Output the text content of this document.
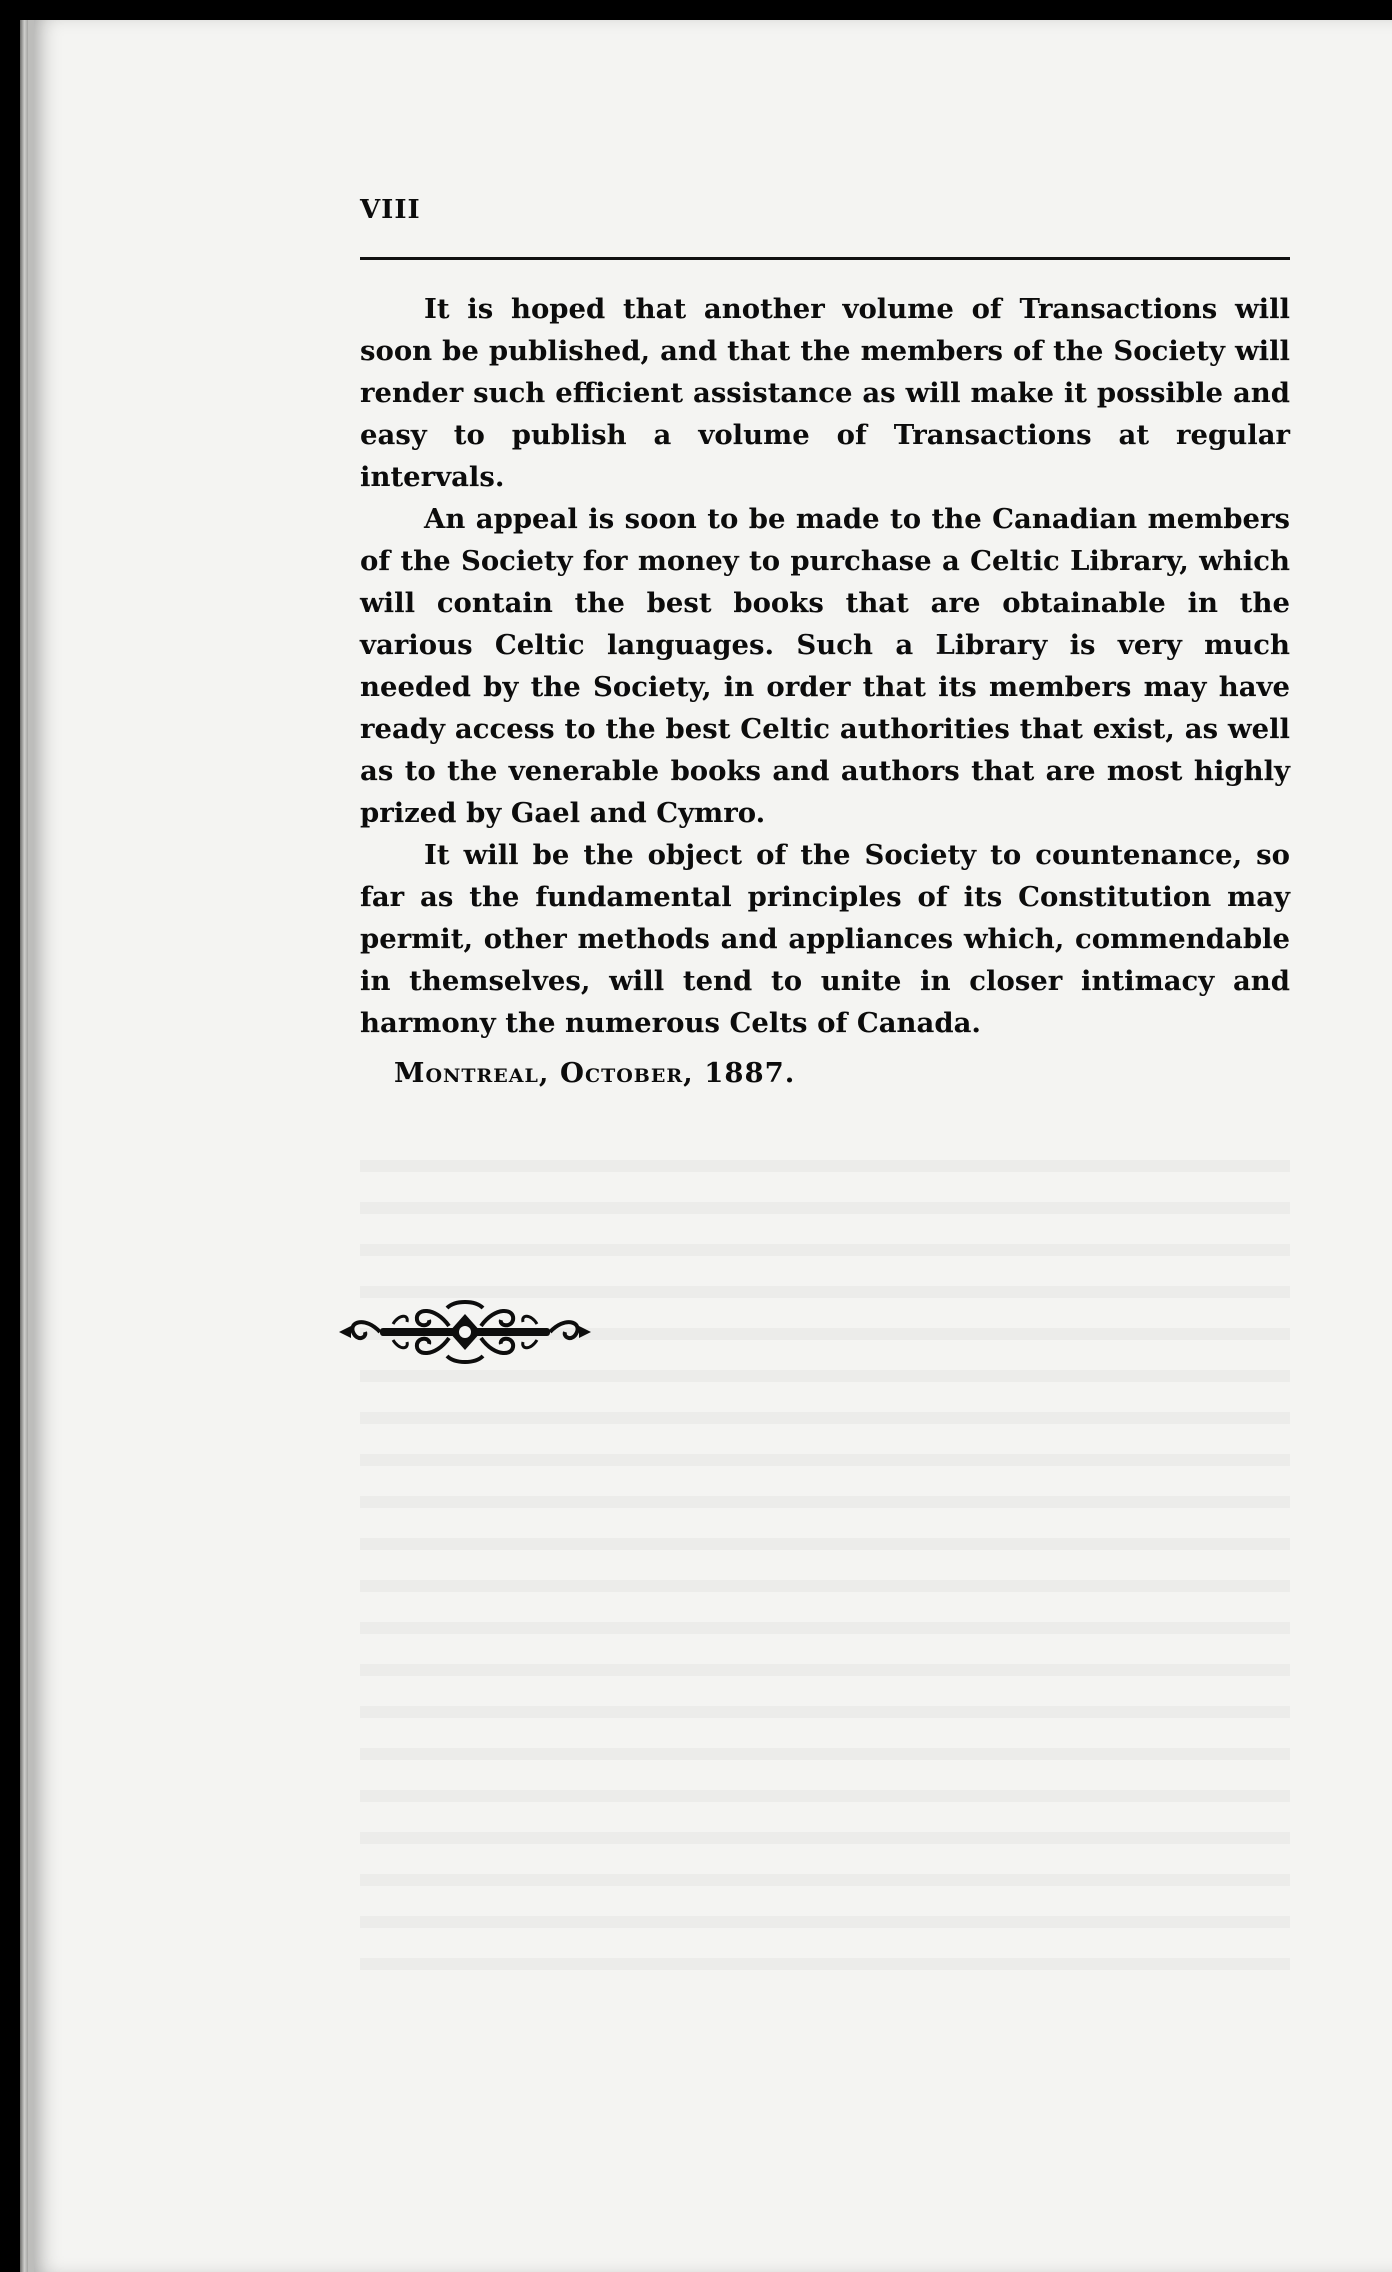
VIII

It is hoped that another volume of Transactions will soon be published, and that the members of the Society will render such efficient assistance as will make it possible and easy to publish a volume of Transactions at regular intervals.

An appeal is soon to be made to the Canadian members of the Society for money to purchase a Celtic Library, which will contain the best books that are obtainable in the various Celtic languages. Such a Library is very much needed by the Society, in order that its members may have ready access to the best Celtic authorities that exist, as well as to the venerable books and authors that are most highly prized by Gael and Cymro.

It will be the object of the Society to countenance, so far as the fundamental principles of its Constitution may permit, other methods and appliances which, commendable in themselves, will tend to unite in closer intimacy and harmony the numerous Celts of Canada.

Montreal, October, 1887.
